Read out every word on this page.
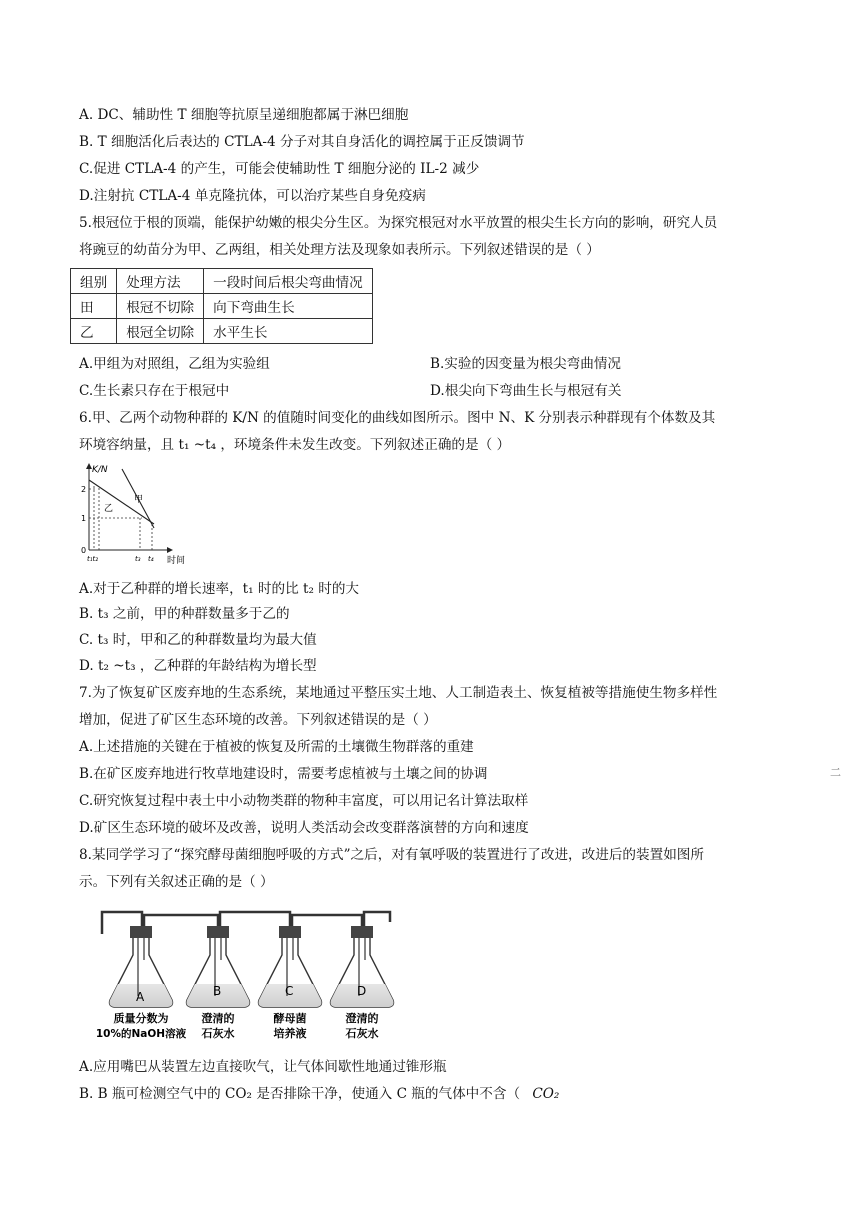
A. DC、辅助性 T 细胞等抗原呈递细胞都属于淋巴细胞
B. T 细胞活化后表达的 CTLA-4 分子对其自身活化的调控属于正反馈调节
C.促进 CTLA-4 的产生，可能会使辅助性 T 细胞分泌的 IL-2 减少
D.注射抗 CTLA-4 单克隆抗体，可以治疗某些自身免疫病
5.根冠位于根的顶端，能保护幼嫩的根尖分生区。为探究根冠对水平放置的根尖生长方向的影响，研究人员
将豌豆的幼苗分为甲、乙两组，相关处理方法及现象如表所示。下列叙述错误的是（ ）
组别	处理方法	一段时间后根尖弯曲情况
田	根冠不切除	向下弯曲生长
乙	根冠全切除	水平生长
A.甲组为对照组，乙组为实验组	B.实验的因变量为根尖弯曲情况
C.生长素只存在于根冠中	D.根尖向下弯曲生长与根冠有关
6.甲、乙两个动物种群的 K/N 的值随时间变化的曲线如图所示。图中 N、K 分别表示种群现有个体数及其
环境容纳量，且 t₁ ~t₄ ，环境条件未发生改变。下列叙述正确的是（ ）
K/N
时间
0
1
2
甲
乙
t₁t₂	t₃ t₄
A.对于乙种群的增长速率，t₁ 时的比 t₂ 时的大
B. t₃ 之前，甲的种群数量多于乙的
C. t₃ 时，甲和乙的种群数量均为最大值
D. t₂ ~t₃ ，乙种群的年龄结构为增长型
7.为了恢复矿区废弃地的生态系统，某地通过平整压实土地、人工制造表土、恢复植被等措施使生物多样性
增加，促进了矿区生态环境的改善。下列叙述错误的是（ ）
A.上述措施的关键在于植被的恢复及所需的土壤微生物群落的重建
B.在矿区废弃地进行牧草地建设时，需要考虑植被与土壤之间的协调
C.研究恢复过程中表土中小动物类群的物种丰富度，可以用记名计算法取样
D.矿区生态环境的破坏及改善，说明人类活动会改变群落演替的方向和速度
二
8.某同学学习了“探究酵母菌细胞呼吸的方式”之后，对有氧呼吸的装置进行了改进，改进后的装置如图所
示。下列有关叙述正确的是（ ）
A	B	C	D
质量分数为
10%的NaOH溶液
澄清的
石灰水
酵母菌
培养液
澄清的
石灰水
A.应用嘴巴从装置左边直接吹气，让气体间歇性地通过锥形瓶
B. B 瓶可检测空气中的 CO₂ 是否排除干净，使通入 C 瓶的气体中不含（ CO₂
